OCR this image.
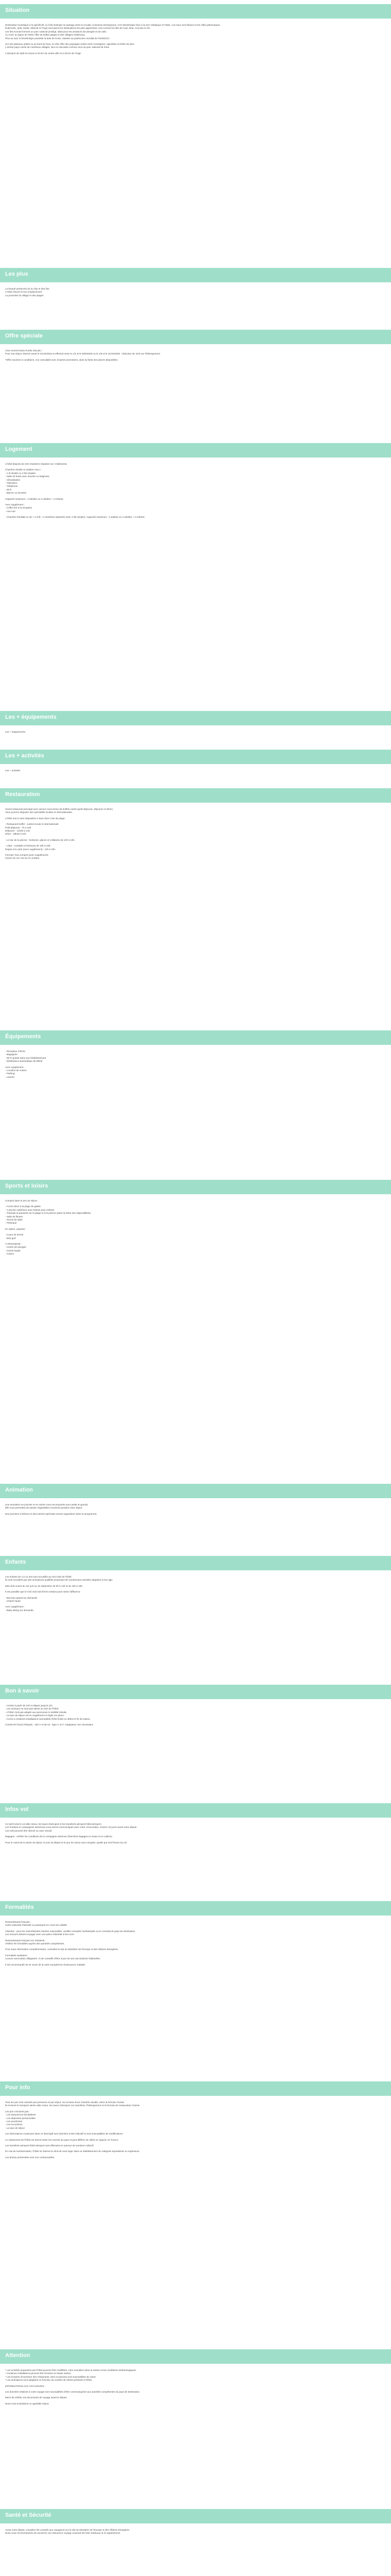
Situation

Destination touristique à la spécificité, la Côte Dalmate se partage entre la Croatie, la Bosnie-Herzégovine, et le Monténégro face à la mer Adriatique et l'Italie. Les eaux sont bleues et les villes pittoresques.

Dubrovnik, Split, Zadar, Sibenik et Trogir sont parmi les destinations les plus appréciées, tout comme les îles de Hvar, Brac, Korcula et Vis.

Les îles Kornati forment un parc national protégé, idéal pour les amateurs de plongée et de voile.

Au nord, la région de l'Istrie offre de belles plages et des villages médiévaux.

Plus au sud, le Monténégro possède la baie de Kotor, classée au patrimoine mondial de l'UNESCO.

Sur ses plateaux arides ou au bord de l'eau, la côte offre des paysages variés entre montagnes, vignobles et forêts de pins.

L'arrière-pays cache de nombreux villages, lacs et cascades comme ceux du parc national de Krka.

L'aéroport de Split se trouve à 20 km du centre-ville et à 30 km de Trogir.

Les plus

La beauté préservée de la côte et des îles

L'hôtel rénové et son emplacement

La proximité du village et des plages

Offre spéciale

VOS AVANTAGES PLEIN SOLEIL*

Pour tout séjour réservé avant le 31/10/2024 et effectué entre le 1/4 et le 30/6/2025 ou le 1/9 et le 31/10/2025 : réduction de 10% sur l'hébergement.

*Offre soumise à conditions, non cumulable avec d'autres promotions, dans la limite des places disponibles.

Logement

L'hôtel dispose de 220 chambres réparties sur 4 bâtiments.

Chambre double (2 adultes max.) :

- 1 lit double ou 2 lits simples

- Salle de bains avec douche ou baignoire

- Climatisation

- Télévision

- Téléphone

- Wi-fi

- Balcon ou terrasse

Capacité maximum : 3 adultes ou 2 adultes + 2 enfants.

Avec supplément :

- Coffre-fort à la réception

- Vue mer

- Chambre familiale (2 ad + 2 enf) : 2 chambres séparées avec 2 lits simples. Capacité maximum : 4 adultes ou 2 adultes + 2 enfants.

Les + équipements

Les + équipements

Les + activités

Les + activités

Restauration

Grand restaurant principal avec service sous forme de buffets variés (petit-déjeuner, déjeuner et dîner).

Vous pourrez déguster des spécialités locales et internationales.

L'hôtel met à votre disposition 2 bars dont 1 bar de plage.

- Restaurant buffet : cuisine locale et internationale

Petit-déjeuner : 7h à 10h

Déjeuner : 12h30 à 14h

Dîner : 18h30 à 21h

- Le bar de la piscine : boissons, glaces et collations de 10h à 18h.

- L'Bar : cocktails et boissons de 18h à 23h.

Repas à la carte (avec supplément) : 12h à 15h.

Formule Tout compris (avec supplément).

Ouvert du 1er mai au 31 octobre.

Équipements

- Réception 24h/24

- Bagagerie

- Wi-Fi gratuit dans tout l'établissement

- Distributeur automatique de billets

Avec supplément :

- Location de voiture

- Parking

- Laverie

Sports et loisirs

Compris dans le prix du séjour :

- Accès direct à la plage de galets

- 1 piscine extérieure avec bassin pour enfants

- Transats et parasols sur la plage et à la piscine (dans la limite des disponibilités)

- Salle de fitness

- Tennis de table

- Pétanque

En option, payants :

- Cours de tennis

- Mini-golf

À PROXIMITÉ :

- Centre de plongée

- Canoë kayak

- Casino

Animation

Une animation en journée et en soirée vous est proposée pour petits et grands.

Elle vous permettra de passer d'agréables moments pendant votre séjour.

Des journées à thèmes et des soirées spéciales seront organisées selon le programme.

Enfants

Les enfants de 4 à 12 ans sont accueillis au mini-club de l'hôtel.

Ils sont encadrés par des animateurs qualifiés proposant de nombreuses activités adaptées à leur âge.

Mini-club ouvert du 1er juin au 15 septembre de 9h à 13h et de 15h à 18h.

Il est possible que le mini-club soit fermé certains jours selon l'affluence.

- Berceau gratuit sur demande

- Chaise haute

Avec supplément :

- Baby-sitting sur demande

Bon à savoir

- Arrivée à partir de 14h et départ jusqu'à 11h.

- Les animaux ne sont pas admis au sein de l'hôtel.

- L'hôtel n'est pas adapté aux personnes à mobilité réduite.

- La taxe de séjour est en supplément à régler sur place.

- Accès à certaines installations susceptible d'être limité en début et fin de saison.

COURANT ÉLECTRIQUE : 230 V et 50 Hz. Type C et F. Adaptateur non nécessaire.

Infos vol

Ce tarif inclut le vol aller-retour, les taxes d'aéroport et les transferts aéroport-hôtel-aéroport.

Les horaires et compagnies aériennes vous seront communiqués avec votre convocation, environ 10 jours avant votre départ.

Les vols peuvent être directs ou avec escale.

Bagages : vérifiez les conditions de la compagnie aérienne (franchise bagages en soute et en cabine).

Pour le calcul de la durée du séjour, le jour du départ et le jour du retour sont comptés, quelle que soit l'heure du vol.

Formalités

Ressortissants français :

Carte nationale d'identité ou passeport en cours de validité.

Attention : pour les ressortissants d'autres nationalités, veuillez consulter l'ambassade ou le consulat du pays de destination.

Les mineurs doivent voyager avec une pièce d'identité à leur nom.

Ressortissants français non résidents :

Vérifiez les formalités auprès des autorités compétentes.

Pour toute information complémentaire, consultez le site du Ministère de l'Europe et des Affaires étrangères.

Formalités sanitaires :

Aucune vaccination obligatoire. Il est conseillé d'être à jour de ses vaccinations habituelles.

Il est recommandé de se munir de la carte européenne d'assurance maladie.

Pour info

Tous les prix sont calculés par personne et par séjour, sur la base d'une chambre double, selon la formule choisie.

Ils incluent le transport aérien aller-retour, les taxes d'aéroport, les transferts, l'hébergement et la formule de restauration choisie.

Les prix n'incluent pas :

- Les assurances facultatives

- Les dépenses personnelles

- Les pourboires

- Les excursions

- La taxe de séjour

Les informations contenues dans ce descriptif sont données à titre indicatif et sont susceptibles de modifications.

Le classement de l'hôtel est donné selon les normes du pays et peut différer de celles en vigueur en France.

Les transferts aéroport-hôtel-aéroport sont effectués en autocar de tourisme collectif.

En cas de surréservation, l'hôtel se réserve le droit de vous loger dans un établissement de catégorie équivalente ou supérieure.

Les photos présentées sont non contractuelles.

Attention

* Les activités proposées par l'hôtel peuvent être modifiées, voire annulées selon la saison et les conditions météorologiques.

* Certaines installations peuvent être fermées en basse saison.

* Les horaires d'ouverture des restaurants, bars et piscines sont susceptibles de varier.

* Les animations sont adaptées en fonction du nombre de clients présents à l'hôtel.

INFORMATIONS AUX VOYAGEURS :

Les données relatives à votre voyage sont susceptibles d'être communiquées aux autorités compétentes du pays de destination.

Merci de vérifier vos documents de voyage avant le départ.

Nous vous souhaitons un agréable séjour.

Santé et Sécurité

Avant votre départ, consultez les conseils aux voyageurs sur le site du Ministère de l'Europe et des Affaires étrangères.

Nous vous recommandons de souscrire une assurance voyage couvrant les frais médicaux et le rapatriement.
